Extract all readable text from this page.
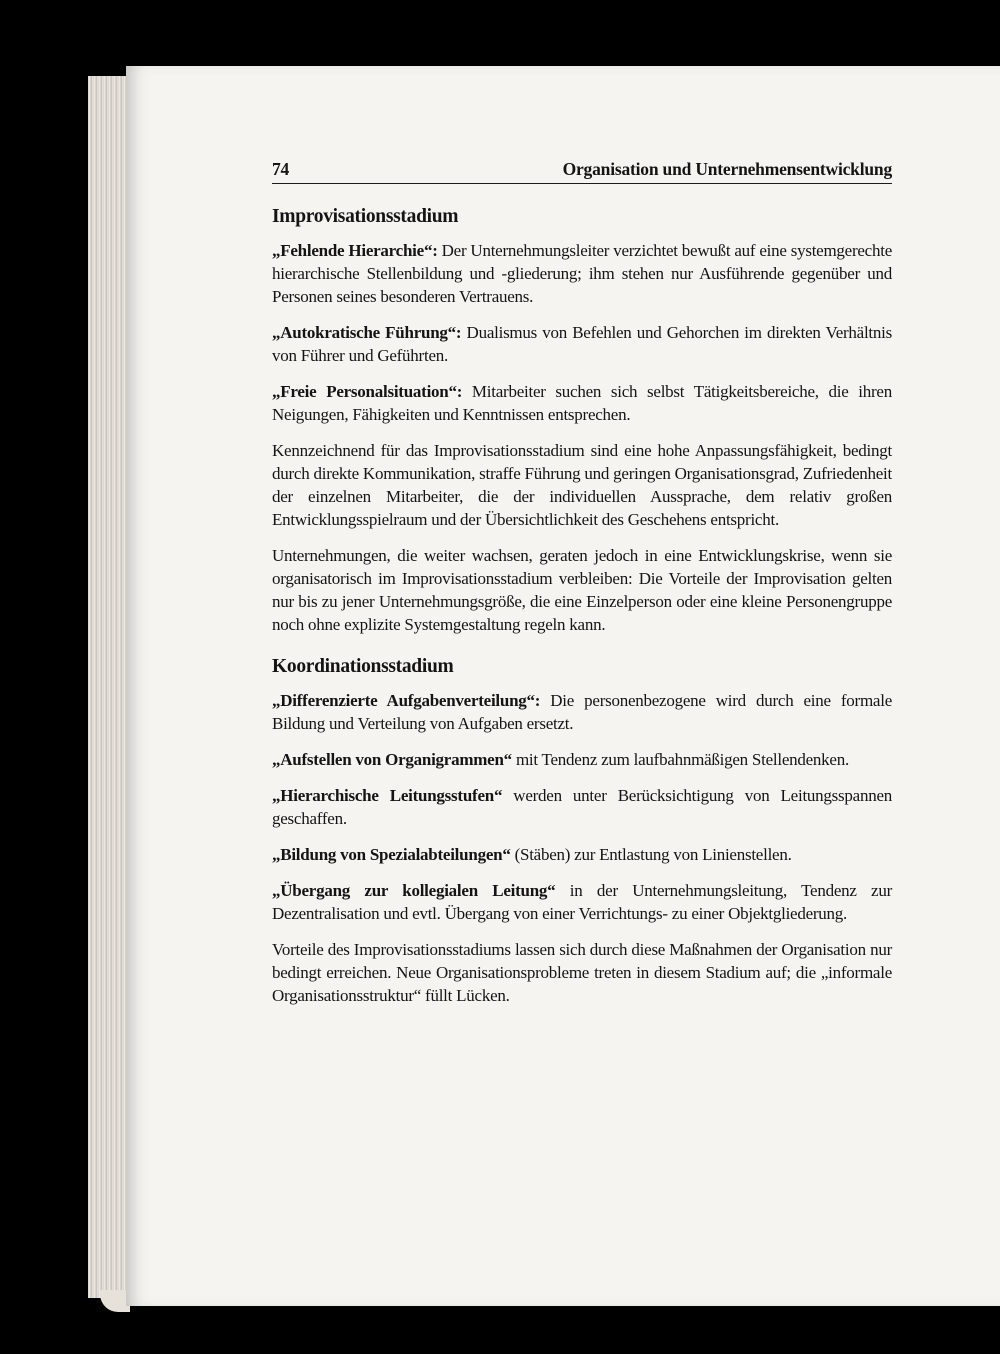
74	Organisation und Unternehmensentwicklung
Improvisationsstadium

„Fehlende Hierarchie“: Der Unternehmungsleiter verzichtet bewußt auf eine systemgerechte hierarchische Stellenbildung und -gliederung; ihm stehen nur Ausführende gegenüber und Personen seines besonderen Vertrauens.

„Autokratische Führung“: Dualismus von Befehlen und Gehorchen im direkten Verhältnis von Führer und Geführten.

„Freie Personalsituation“: Mitarbeiter suchen sich selbst Tätigkeitsbereiche, die ihren Neigungen, Fähigkeiten und Kenntnissen entsprechen.

Kennzeichnend für das Improvisationsstadium sind eine hohe Anpassungsfähigkeit, bedingt durch direkte Kommunikation, straffe Führung und geringen Organisationsgrad, Zufriedenheit der einzelnen Mitarbeiter, die der individuellen Aussprache, dem relativ großen Entwicklungsspielraum und der Übersichtlichkeit des Geschehens entspricht.

Unternehmungen, die weiter wachsen, geraten jedoch in eine Entwicklungskrise, wenn sie organisatorisch im Improvisationsstadium verbleiben: Die Vorteile der Improvisation gelten nur bis zu jener Unternehmungsgröße, die eine Einzelperson oder eine kleine Personengruppe noch ohne explizite Systemgestaltung regeln kann.

Koordinationsstadium

„Differenzierte Aufgabenverteilung“: Die personenbezogene wird durch eine formale Bildung und Verteilung von Aufgaben ersetzt.

„Aufstellen von Organigrammen“ mit Tendenz zum laufbahnmäßigen Stellendenken.

„Hierarchische Leitungsstufen“ werden unter Berücksichtigung von Leitungsspannen geschaffen.

„Bildung von Spezialabteilungen“ (Stäben) zur Entlastung von Linienstellen.

„Übergang zur kollegialen Leitung“ in der Unternehmungsleitung, Tendenz zur Dezentralisation und evtl. Übergang von einer Verrichtungs- zu einer Objektgliederung.

Vorteile des Improvisationsstadiums lassen sich durch diese Maßnahmen der Organisation nur bedingt erreichen. Neue Organisationsprobleme treten in diesem Stadium auf; die „informale Organisationsstruktur“ füllt Lücken.
